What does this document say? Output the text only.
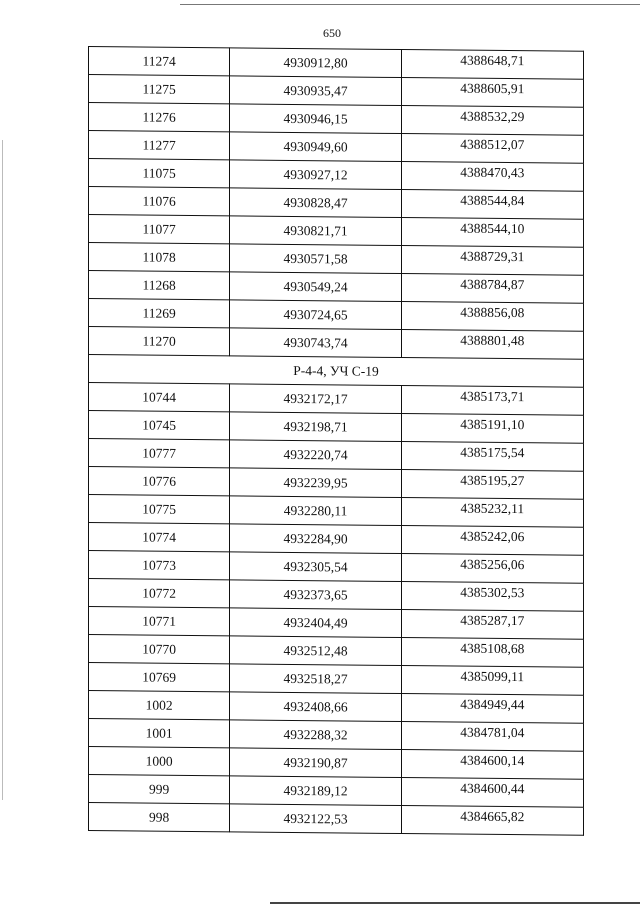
650
11274	4930912,80	4388648,71
11275	4930935,47	4388605,91
11276	4930946,15	4388532,29
11277	4930949,60	4388512,07
11075	4930927,12	4388470,43
11076	4930828,47	4388544,84
11077	4930821,71	4388544,10
11078	4930571,58	4388729,31
11268	4930549,24	4388784,87
11269	4930724,65	4388856,08
11270	4930743,74	4388801,48
Р-4-4, УЧ С-19		
10744	4932172,17	4385173,71
10745	4932198,71	4385191,10
10777	4932220,74	4385175,54
10776	4932239,95	4385195,27
10775	4932280,11	4385232,11
10774	4932284,90	4385242,06
10773	4932305,54	4385256,06
10772	4932373,65	4385302,53
10771	4932404,49	4385287,17
10770	4932512,48	4385108,68
10769	4932518,27	4385099,11
1002	4932408,66	4384949,44
1001	4932288,32	4384781,04
1000	4932190,87	4384600,14
999	4932189,12	4384600,44
998	4932122,53	4384665,82
